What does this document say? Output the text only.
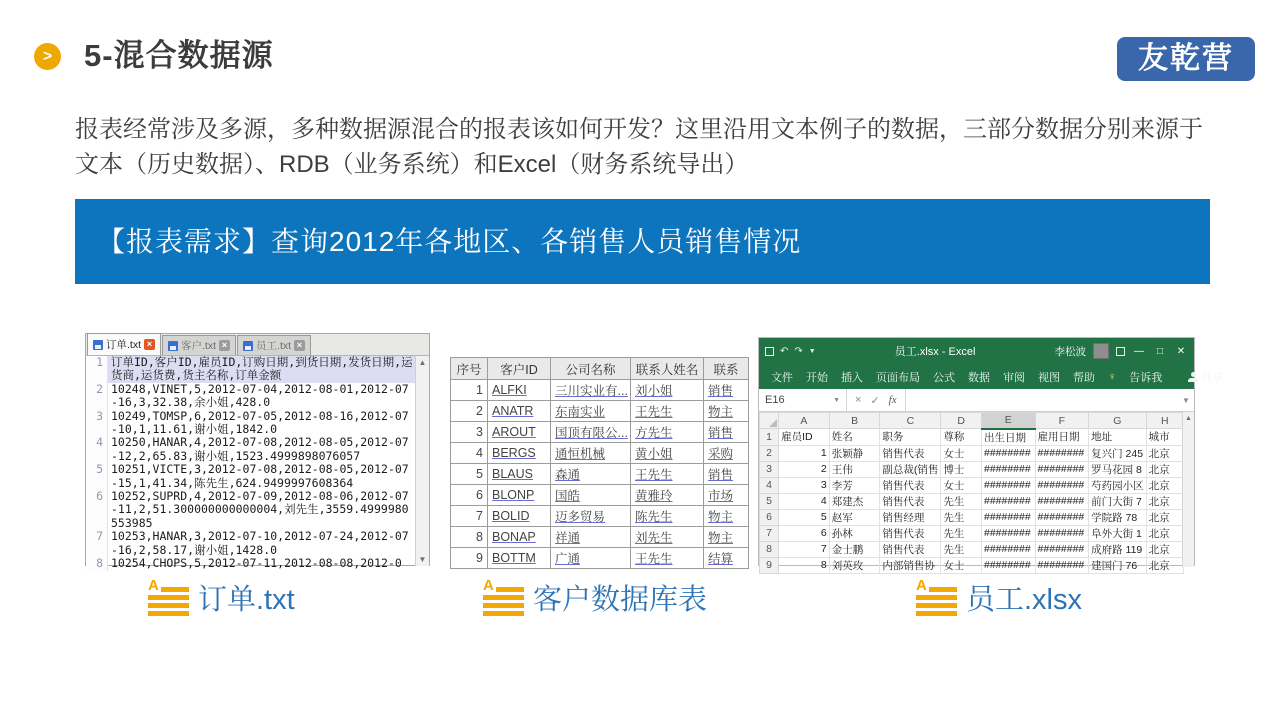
> 5-混合数据源	友乾营
报表经常涉及多源，多种数据源混合的报表该如何开发？这里沿用文本例子的数据，三部分数据分别来源于文本（历史数据）、RDB（业务系统）和Excel（财务系统导出）
【报表需求】查询2012年各地区、各销售人员销售情况
订单.txt ×	客户.txt ×	员工.txt ×
1 订单ID,客户ID,雇员ID,订购日期,到货日期,发货日期,运货商,运货费,货主名称,订单金额
2 10248,VINET,5,2012-07-04,2012-08-01,2012-07-16,3,32.38,余小姐,428.0
3 10249,TOMSP,6,2012-07-05,2012-08-16,2012-07-10,1,11.61,谢小姐,1842.0
4 10250,HANAR,4,2012-07-08,2012-08-05,2012-07-12,2,65.83,谢小姐,1523.4999898076057
5 10251,VICTE,3,2012-07-08,2012-08-05,2012-07-15,1,41.34,陈先生,624.9499997608364
6 10252,SUPRD,4,2012-07-09,2012-08-06,2012-07-11,2,51.300000000000004,刘先生,3559.4999980553985
7 10253,HANAR,3,2012-07-10,2012-07-24,2012-07-16,2,58.17,谢小姐,1428.0
8 10254,CHOPS,5,2012-07-11,2012-08-08,2012-0
▲
▼
序号	客户ID	公司名称	联系人姓名	联系
1	ALFKI	三川实业有...	刘小姐	销售
2	ANATR	东南实业	王先生	物主
3	AROUT	国顶有限公...	方先生	销售
4	BERGS	通恒机械	黄小姐	采购
5	BLAUS	森通	王先生	销售
6	BLONP	国皓	黄雅玲	市场
7	BOLID	迈多贸易	陈先生	物主
8	BONAP	祥通	刘先生	物主
9	BOTTM	广通	王先生	结算
↶ ↷ ▼	员工.xlsx - Excel	李松波	—	□	✕
文件 开始 插入 页面布局 公式 数据 审阅 视图 帮助 ♀ 告诉我	共享
E16	▼ × ✓ fx	▼
	A	B	C	D	E	F	G	H
1	雇员ID	姓名	职务	尊称	出生日期	雇用日期	地址	城市
2	1	张颖静	销售代表	女士	########	########	复兴门 245	北京
3	2	王伟	副总裁(销售	博士	########	########	罗马花园 8	北京
4	3	李芳	销售代表	女士	########	########	芍药园小区	北京
5	4	郑建杰	销售代表	先生	########	########	前门大街 7	北京
6	5	赵军	销售经理	先生	########	########	学院路 78	北京
7	6	孙林	销售代表	先生	########	########	阜外大街 1	北京
8	7	金士鹏	销售代表	先生	########	########	成府路 119	北京
9	8	刘英玫	内部销售协	女士	########	########	建国门 76	北京
▲
A 订单.txt	A 客户数据库表	A 员工.xlsx
